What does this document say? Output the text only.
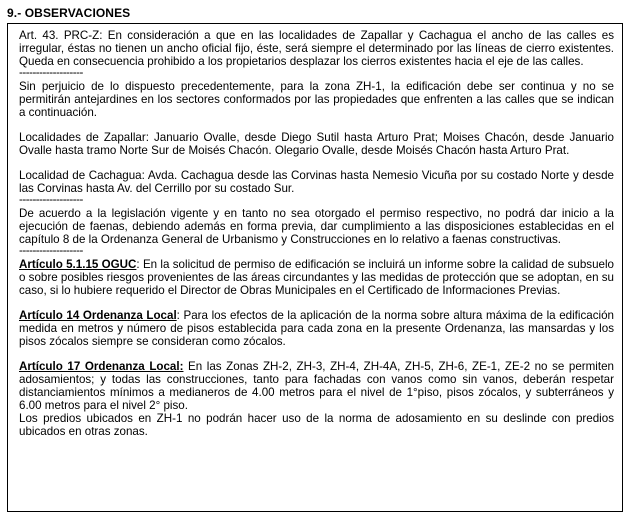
9.- OBSERVACIONES

Art. 43. PRC-Z: En consideración a que en las localidades de Zapallar y Cachagua el ancho de las calles es irregular, éstas no tienen un ancho oficial fijo, éste, será siempre el determinado por las líneas de cierro existentes. Queda en consecuencia prohibido a los propietarios desplazar los cierros existentes hacia el eje de las calles.

-------------------

Sin perjuicio de lo dispuesto precedentemente, para la zona ZH-1, la edificación debe ser continua y no se permitirán antejardines en los sectores conformados por las propiedades que enfrenten a las calles que se indican a continuación.

Localidades de Zapallar: Januario Ovalle, desde Diego Sutil hasta Arturo Prat; Moises Chacón, desde Januario Ovalle hasta tramo Norte Sur de Moisés Chacón. Olegario Ovalle, desde Moisés Chacón hasta Arturo Prat.

Localidad de Cachagua: Avda. Cachagua desde las Corvinas hasta Nemesio Vicuña por su costado Norte y desde las Corvinas hasta Av. del Cerrillo por su costado Sur.

-------------------

De acuerdo a la legislación vigente y en tanto no sea otorgado el permiso respectivo, no podrá dar inicio a la ejecución de faenas, debiendo además en forma previa, dar cumplimiento a las disposiciones establecidas en el capítulo 8 de la Ordenanza General de Urbanismo y Construcciones en lo relativo a faenas constructivas.

-------------------

Artículo 5.1.15 OGUC: En la solicitud de permiso de edificación se incluirá un informe sobre la calidad de subsuelo o sobre posibles riesgos provenientes de las áreas circundantes y las medidas de protección que se adoptan, en su caso, si lo hubiere requerido el Director de Obras Municipales en el Certificado de Informaciones Previas.

Artículo 14 Ordenanza Local: Para los efectos de la aplicación de la norma sobre altura máxima de la edificación medida en metros y número de pisos establecida para cada zona en la presente Ordenanza, las mansardas y los pisos zócalos siempre se consideran como zócalos.

Artículo 17 Ordenanza Local: En las Zonas ZH-2, ZH-3, ZH-4, ZH-4A, ZH-5, ZH-6, ZE-1, ZE-2 no se permiten adosamientos; y todas las construcciones, tanto para fachadas con vanos como sin vanos, deberán respetar distanciamientos mínimos a medianeros de 4.00 metros para el nivel de 1°piso, pisos zócalos, y subterráneos y 6.00 metros para el nivel 2° piso.

Los predios ubicados en ZH-1 no podrán hacer uso de la norma de adosamiento en su deslinde con predios ubicados en otras zonas.
